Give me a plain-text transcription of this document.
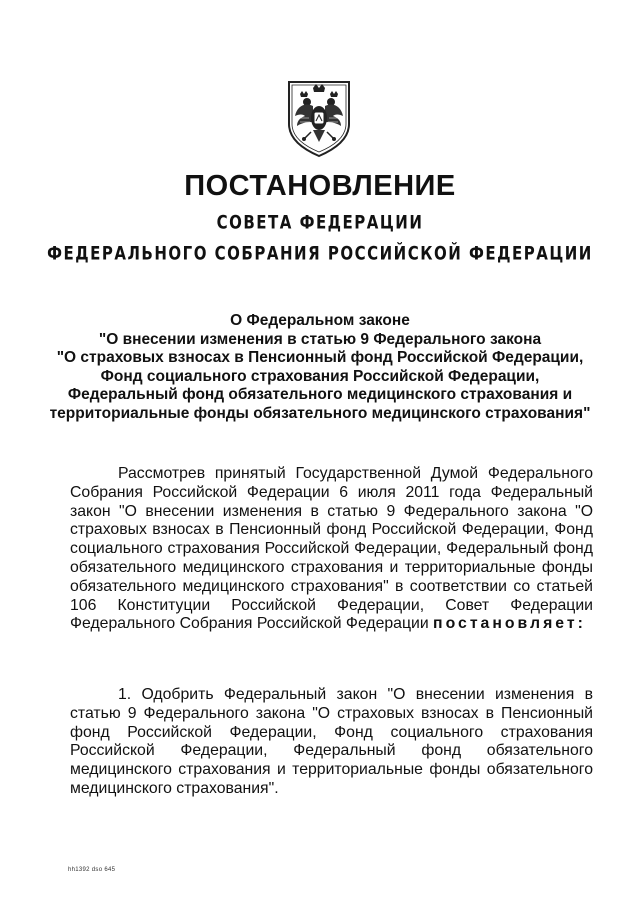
ПОСТАНОВЛЕНИЕ
СОВЕТА ФЕДЕРАЦИИ
ФЕДЕРАЛЬНОГО СОБРАНИЯ РОССИЙСКОЙ ФЕДЕРАЦИИ
О Федеральном законе
"О внесении изменения в статью 9 Федерального закона
"О страховых взносах в Пенсионный фонд Российской Федерации,
Фонд социального страхования Российской Федерации,
Федеральный фонд обязательного медицинского страхования и
территориальные фонды обязательного медицинского страхования"
Рассмотрев принятый Государственной Думой Федерального Собрания Российской Федерации 6 июля 2011 года Федеральный закон "О внесении изменения в статью 9 Федерального закона "О страховых взносах в Пенсионный фонд Российской Федерации, Фонд социального страхования Российской Федерации, Федеральный фонд обязательного медицинского страхования и территориальные фонды обязательного медицинского страхования" в соответствии со статьей 106 Конституции Российской Федерации, Совет Федерации Федерального Собрания Российской Федерации постановляет:
1. Одобрить Федеральный закон "О внесении изменения в статью 9 Федерального закона "О страховых взносах в Пенсионный фонд Российской Федерации, Фонд социального страхования Российской Федерации, Федеральный фонд обязательного медицинского страхования и территориальные фонды обязательного медицинского страхования".
hh1392 dso 645
